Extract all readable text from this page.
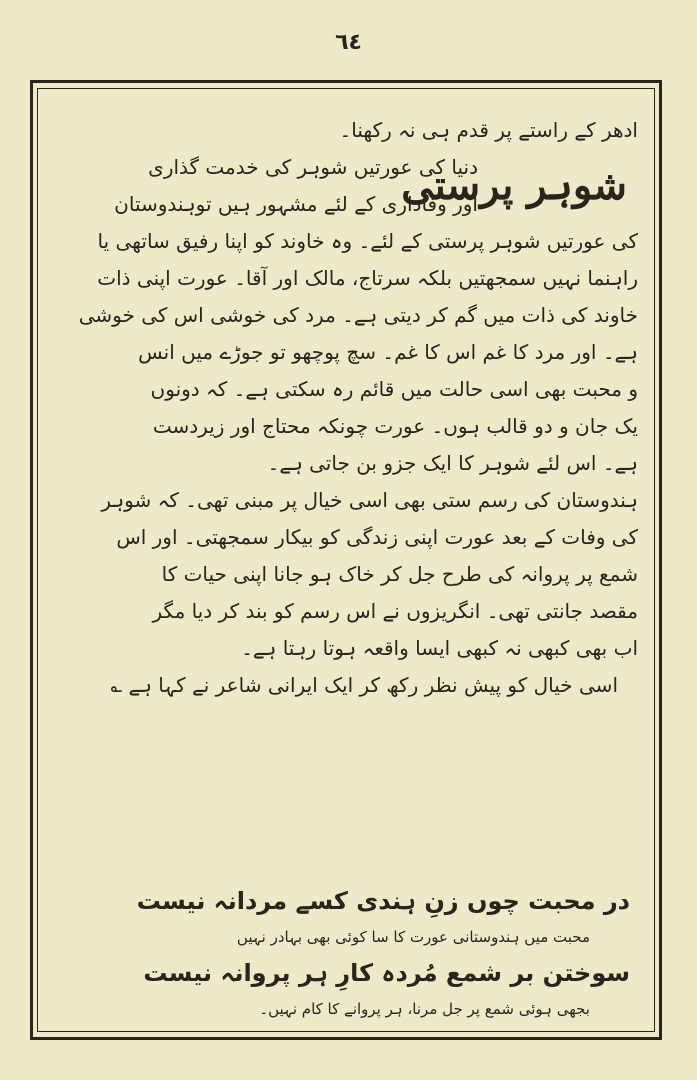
٦٤
شوہر پرستی
ادھر کے راستے پر قدم ہی نہ رکھنا۔
دنیا کی عورتیں شوہر کی خدمت گذاری
اور وفاداری کے لئے مشہور ہیں توہندوستان
کی عورتیں شوہر پرستی کے لئے۔ وہ خاوند کو اپنا رفیق ساتھی یا
راہنما نہیں سمجھتیں بلکہ سرتاج، مالک اور آقا۔ عورت اپنی ذات
خاوند کی ذات میں گم کر دیتی ہے۔ مرد کی خوشی اس کی خوشی
ہے۔ اور مرد کا غم اس کا غم۔ سچ پوچھو تو جوڑے میں انس
و محبت بھی اسی حالت میں قائم رہ سکتی ہے۔ کہ دونوں
یک جان و دو قالب ہوں۔ عورت چونکہ محتاج اور زیردست
ہے۔ اس لئے شوہر کا ایک جزو بن جاتی ہے۔
ہندوستان کی رسم ستی بھی اسی خیال پر مبنی تھی۔ کہ شوہر
کی وفات کے بعد عورت اپنی زندگی کو بیکار سمجھتی۔ اور اس
شمع پر پروانہ کی طرح جل کر خاک ہو جانا اپنی حیات کا
مقصد جانتی تھی۔ انگریزوں نے اس رسم کو بند کر دیا مگر
اب بھی کبھی نہ کبھی ایسا واقعہ ہوتا رہتا ہے۔
اسی خیال کو پیش نظر رکھ کر ایک ایرانی شاعر نے کہا ہے ؎
در محبت چوں زنِ ہندی کسے مردانہ نیست
محبت میں ہندوستانی عورت کا سا کوئی بھی بہادر نہیں
سوختن بر شمع مُردہ کارِ ہر پروانہ نیست
بجھی ہوئی شمع پر جل مرنا، ہر پروانے کا کام نہیں۔
